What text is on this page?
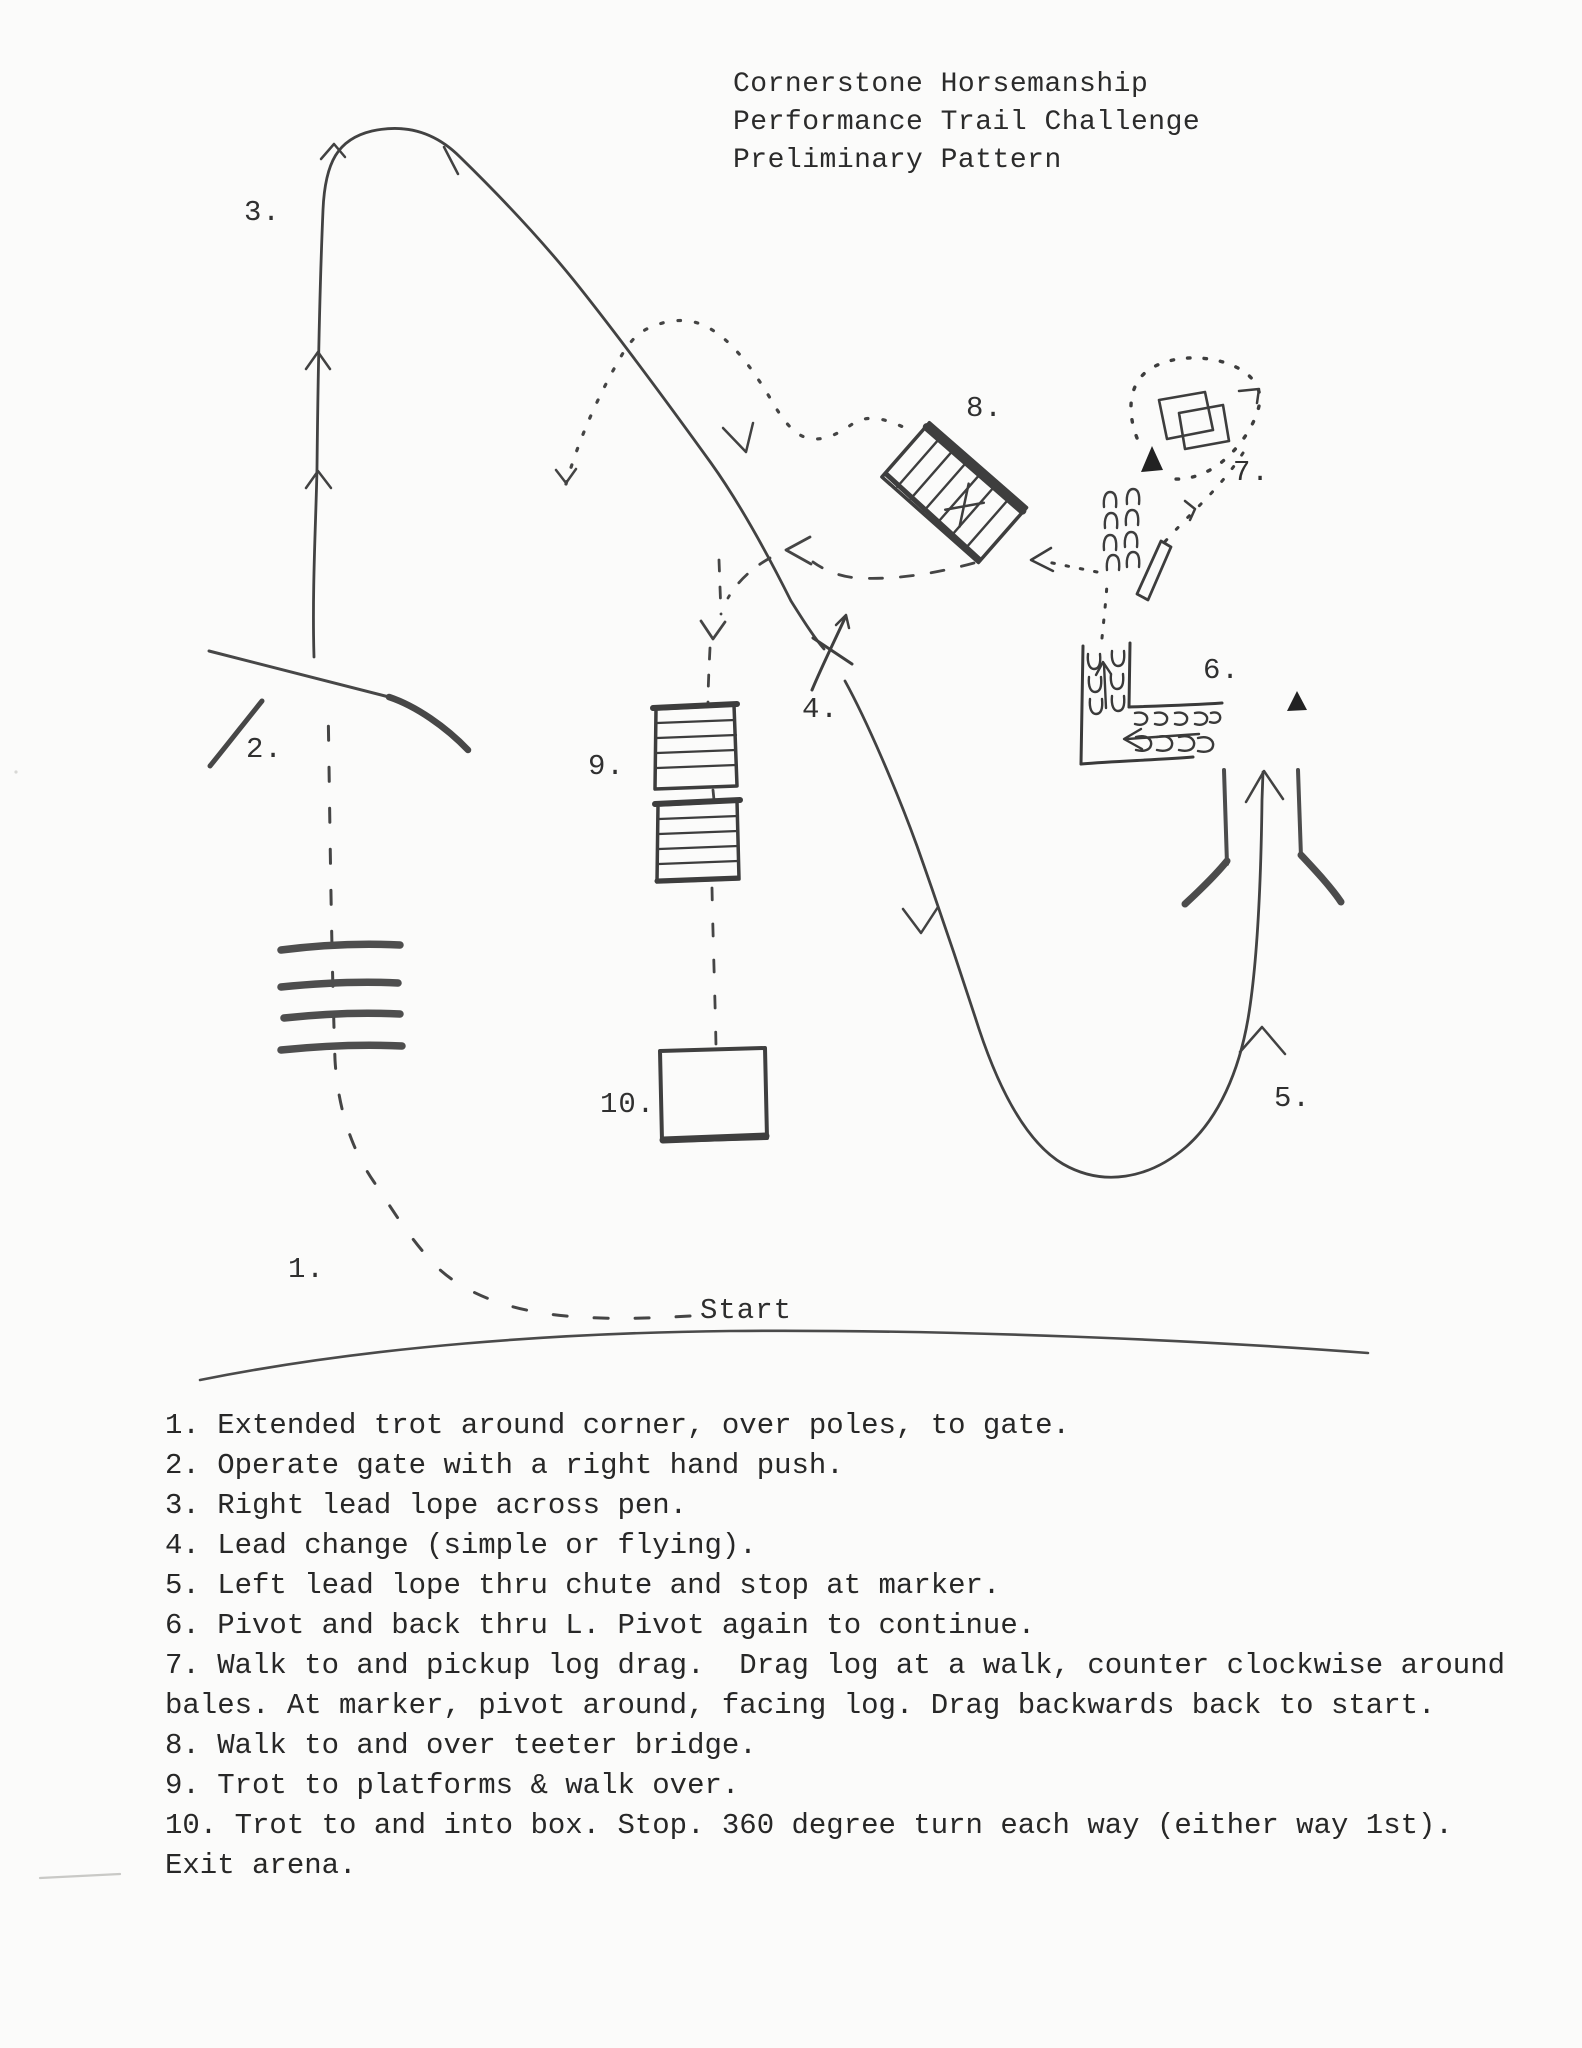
Cornerstone Horsemanship
Performance Trail Challenge
Preliminary Pattern
1.
2.
3.
4.
5.
6.
7.
8.
9.
10.
Start
1. Extended trot around corner, over poles, to gate.
2. Operate gate with a right hand push.
3. Right lead lope across pen.
4. Lead change (simple or flying).
5. Left lead lope thru chute and stop at marker.
6. Pivot and back thru L. Pivot again to continue.
7. Walk to and pickup log drag.  Drag log at a walk, counter clockwise around
bales. At marker, pivot around, facing log. Drag backwards back to start.
8. Walk to and over teeter bridge.
9. Trot to platforms & walk over.
10. Trot to and into box. Stop. 360 degree turn each way (either way 1st).
Exit arena.
